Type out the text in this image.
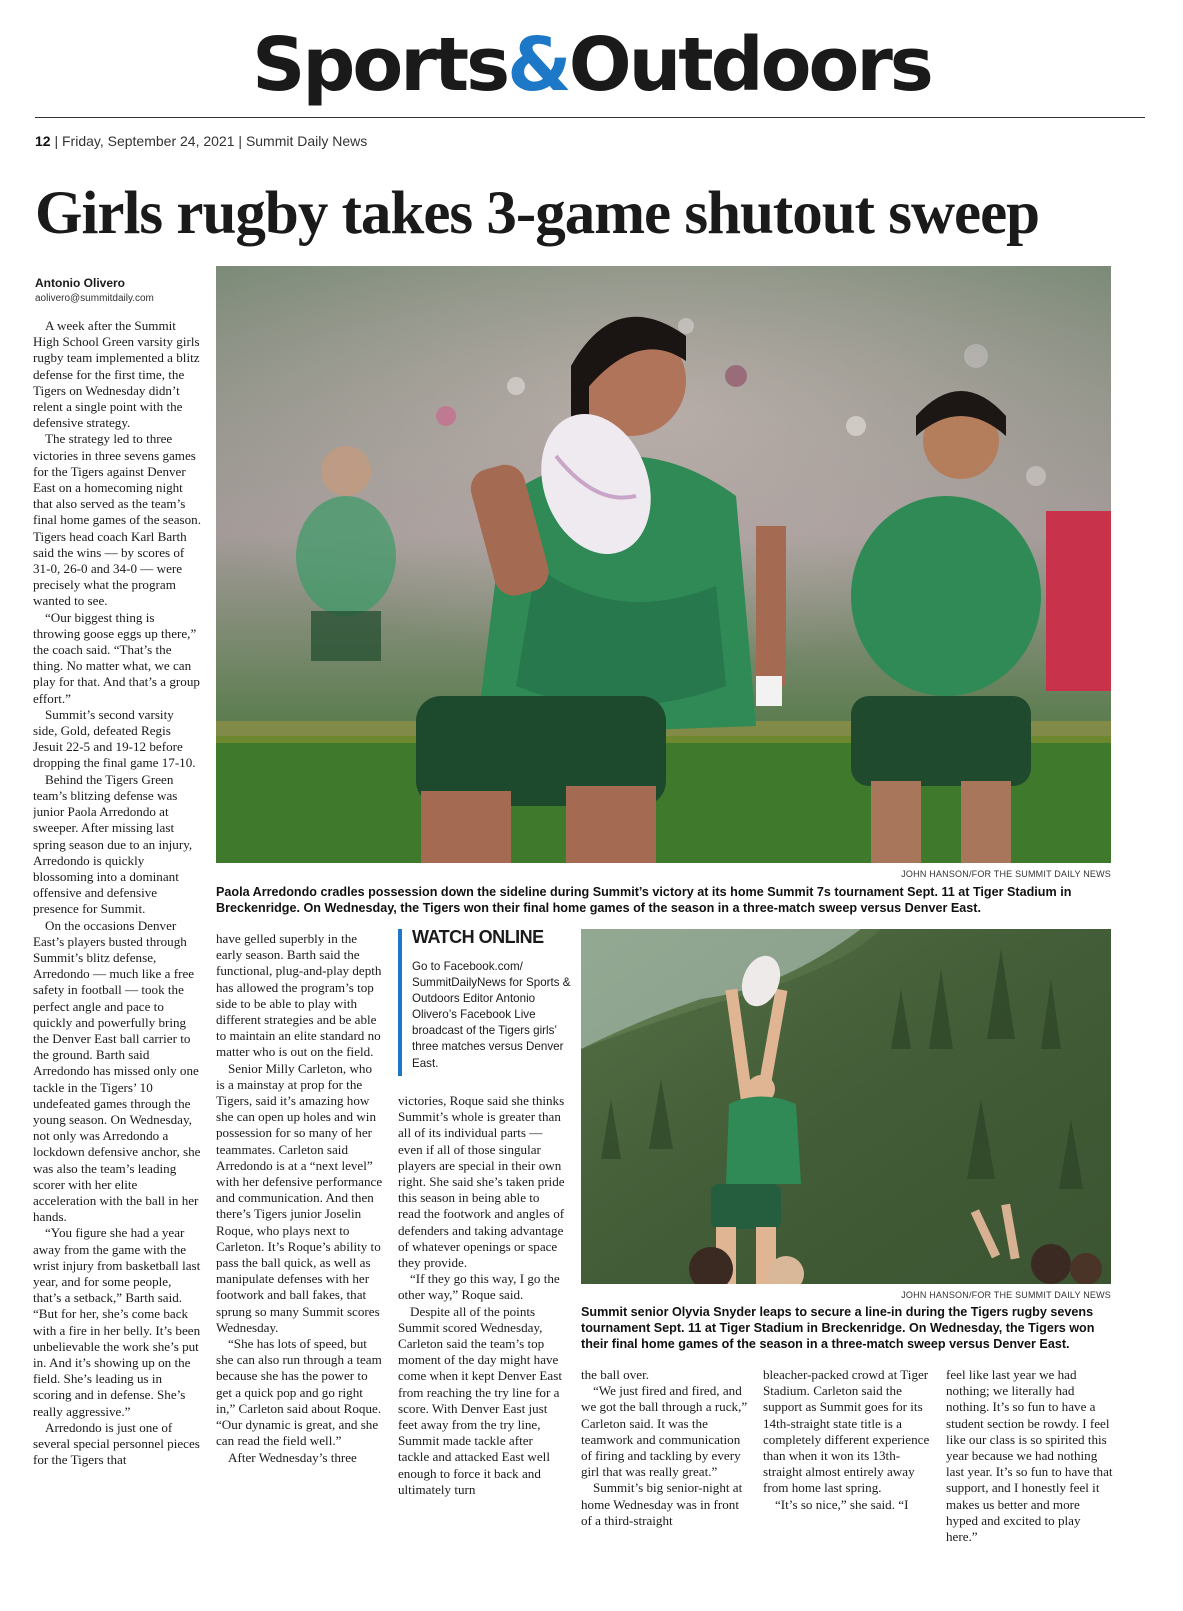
Sports&Outdoors
12 | Friday, September 24, 2021 | Summit Daily News
Girls rugby takes 3-game shutout sweep
Antonio Olivero
aolivero@summitdaily.com
JOHN HANSON/FOR THE SUMMIT DAILY NEWS
Paola Arredondo cradles possession down the sideline during Summit’s victory at its home Summit 7s tournament Sept. 11 at Tiger Stadium in Breckenridge. On Wednesday, the Tigers won their final home games of the season in a three-match sweep versus Denver East.
WATCH ONLINE
Go to Facebook.com/ SummitDailyNews for Sports & Outdoors Editor Antonio Olivero’s Facebook Live broadcast of the Tigers girls’ three matches versus Denver East.
JOHN HANSON/FOR THE SUMMIT DAILY NEWS
Summit senior Olyvia Snyder leaps to secure a line-in during the Tigers rugby sevens tournament Sept. 11 at Tiger Stadium in Breckenridge. On Wednesday, the Tigers won their final home games of the season in a three-match sweep versus Denver East.

A week after the Summit High School Green varsity girls rugby team implemented a blitz defense for the first time, the Tigers on Wednesday didn’t relent a single point with the defensive strategy.

The strategy led to three victories in three sevens games for the Tigers against Denver East on a homecoming night that also served as the team’s final home games of the season. Tigers head coach Karl Barth said the wins — by scores of 31-0, 26-0 and 34-0 — were precisely what the program wanted to see.

“Our biggest thing is throwing goose eggs up there,” the coach said. “That’s the thing. No matter what, we can play for that. And that’s a group effort.”

Summit’s second varsity side, Gold, defeated Regis Jesuit 22-5 and 19-12 before dropping the final game 17-10.

Behind the Tigers Green team’s blitzing defense was junior Paola Arredondo at sweeper. After missing last spring season due to an injury, Arredondo is quickly blossoming into a dominant offensive and defensive presence for Summit.

On the occasions Denver East’s players busted through Summit’s blitz defense, Arredondo — much like a free safety in football — took the perfect angle and pace to quickly and powerfully bring the Denver East ball carrier to the ground. Barth said Arredondo has missed only one tackle in the Tigers’ 10 undefeated games through the young season. On Wednesday, not only was Arredondo a lockdown defensive anchor, she was also the team’s leading scorer with her elite acceleration with the ball in her hands.

“You figure she had a year away from the game with the wrist injury from basketball last year, and for some people, that’s a setback,” Barth said. “But for her, she’s come back with a fire in her belly. It’s been unbelievable the work she’s put in. And it’s showing up on the field. She’s leading us in scoring and in defense. She’s really aggressive.”

Arredondo is just one of several special personnel pieces for the Tigers that

have gelled superbly in the early season. Barth said the functional, plug-and-play depth has allowed the program’s top side to be able to play with different strategies and be able to maintain an elite standard no matter who is out on the field.

Senior Milly Carleton, who is a mainstay at prop for the Tigers, said it’s amazing how she can open up holes and win possession for so many of her teammates. Carleton said Arredondo is at a “next level” with her defensive performance and communication. And then there’s Tigers junior Joselin Roque, who plays next to Carleton. It’s Roque’s ability to pass the ball quick, as well as manipulate defenses with her footwork and ball fakes, that sprung so many Summit scores Wednesday.

“She has lots of speed, but she can also run through a team because she has the power to get a quick pop and go right in,” Carleton said about Roque. “Our dynamic is great, and she can read the field well.”

After Wednesday’s three

victories, Roque said she thinks Summit’s whole is greater than all of its individual parts — even if all of those singular players are special in their own right. She said she’s taken pride this season in being able to read the footwork and angles of defenders and taking advantage of whatever openings or space they provide.

“If they go this way, I go the other way,” Roque said.

Despite all of the points Summit scored Wednesday, Carleton said the team’s top moment of the day might have come when it kept Denver East from reaching the try line for a score. With Denver East just feet away from the try line, Summit made tackle after tackle and attacked East well enough to force it back and ultimately turn

the ball over.

“We just fired and fired, and we got the ball through a ruck,” Carleton said. It was the teamwork and communication of firing and tackling by every girl that was really great.”

Summit’s big senior-night at home Wednesday was in front of a third-straight

bleacher-packed crowd at Tiger Stadium. Carleton said the support as Summit goes for its 14th-straight state title is a completely different experience than when it won its 13th-straight almost entirely away from home last spring.

“It’s so nice,” she said. “I

feel like last year we had nothing; we literally had nothing. It’s so fun to have a student section be rowdy. I feel like our class is so spirited this year because we had nothing last year. It’s so fun to have that support, and I honestly feel it makes us better and more hyped and excited to play here.”
